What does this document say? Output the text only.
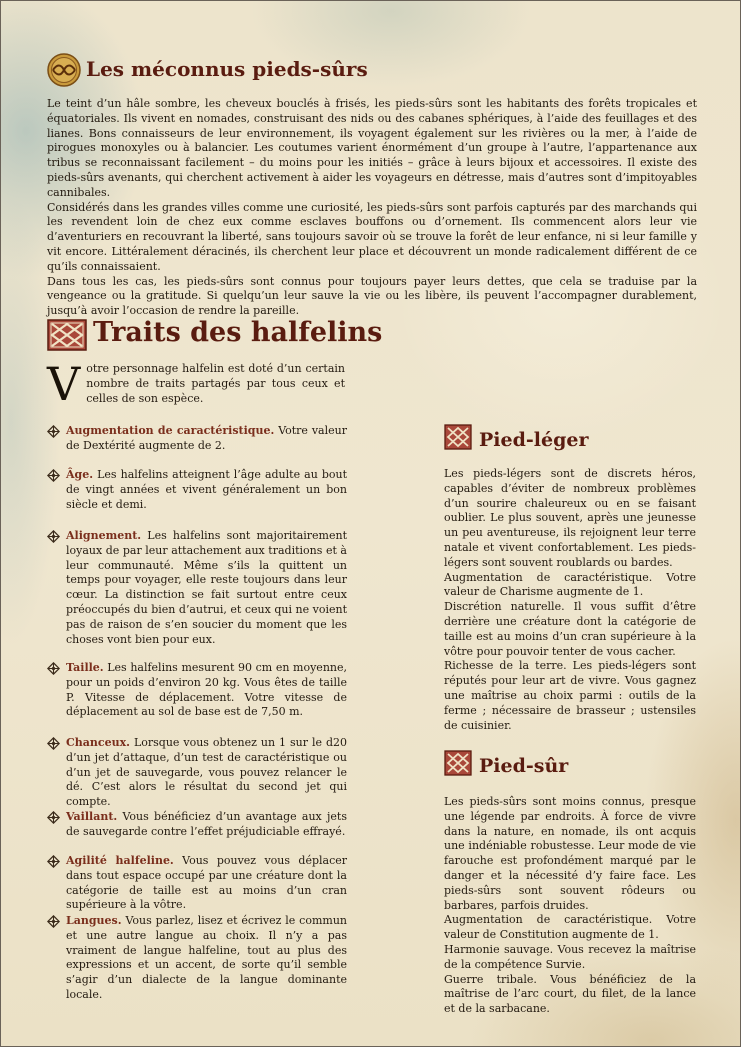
Les méconnus pieds-sûrs

Le teint d’un hâle sombre, les cheveux bouclés à frisés, les pieds-sûrs sont les habitants des forêts tropicales et équatoriales. Ils vivent en nomades, construisant des nids ou des cabanes sphériques, à l’aide des feuillages et des lianes. Bons connaisseurs de leur environnement, ils voyagent également sur les rivières ou la mer, à l’aide de pirogues monoxyles ou à balancier. Les coutumes varient énormément d’un groupe à l’autre, l’appartenance aux tribus se reconnaissant facilement – du moins pour les initiés – grâce à leurs bijoux et accessoires. Il existe des pieds-sûrs avenants, qui cherchent activement à aider les voyageurs en détresse, mais d’autres sont d’impitoyables cannibales.

Considérés dans les grandes villes comme une curiosité, les pieds-sûrs sont parfois capturés par des marchands qui les revendent loin de chez eux comme esclaves bouffons ou d’ornement. Ils commencent alors leur vie d’aventuriers en recouvrant la liberté, sans toujours savoir où se trouve la forêt de leur enfance, ni si leur famille y vit encore. Littéralement déracinés, ils cherchent leur place et découvrent un monde radicalement différent de ce qu’ils connaissaient.

Dans tous les cas, les pieds-sûrs sont connus pour toujours payer leurs dettes, que cela se traduise par la vengeance ou la gratitude. Si quelqu’un leur sauve la vie ou les libère, ils peuvent l’accompagner durablement, jusqu’à avoir l’occasion de rendre la pareille.

Traits des halfelins
V otre personnage halfelin est doté d’un certain nombre de traits partagés par tous ceux et celles de son espèce.
Augmentation de caractéristique. Votre valeur de Dextérité augmente de 2.
Âge. Les halfelins atteignent l’âge adulte au bout de vingt années et vivent généralement un bon siècle et demi.
Alignement. Les halfelins sont majoritairement loyaux de par leur attachement aux traditions et à leur communauté. Même s’ils la quittent un temps pour voyager, elle reste toujours dans leur cœur. La distinction se fait surtout entre ceux préoccupés du bien d’autrui, et ceux qui ne voient pas de raison de s’en soucier du moment que les choses vont bien pour eux.
Taille. Les halfelins mesurent 90 cm en moyenne, pour un poids d’environ 20 kg. Vous êtes de taille P. Vitesse de déplacement. Votre vitesse de déplacement au sol de base est de 7,50 m.
Chanceux. Lorsque vous obtenez un 1 sur le d20 d’un jet d’attaque, d’un test de caractéristique ou d’un jet de sauvegarde, vous pouvez relancer le dé. C’est alors le résultat du second jet qui compte.
Vaillant. Vous bénéficiez d’un avantage aux jets de sauvegarde contre l’effet préjudiciable effrayé.
Agilité halfeline. Vous pouvez vous déplacer dans tout espace occupé par une créature dont la catégorie de taille est au moins d’un cran supérieure à la vôtre.
Langues. Vous parlez, lisez et écrivez le commun et une autre langue au choix. Il n’y a pas vraiment de langue halfeline, tout au plus des expressions et un accent, de sorte qu’il semble s’agir d’un dialecte de la langue dominante locale.
Pied-léger

Les pieds-légers sont de discrets héros, capables d’éviter de nombreux problèmes d’un sourire chaleureux ou en se faisant oublier. Le plus souvent, après une jeunesse un peu aventureuse, ils rejoignent leur terre natale et vivent confortablement. Les pieds-légers sont souvent roublards ou bardes.

Augmentation de caractéristique. Votre valeur de Charisme augmente de 1.

Discrétion naturelle. Il vous suffit d’être derrière une créature dont la catégorie de taille est au moins d’un cran supérieure à la vôtre pour pouvoir tenter de vous cacher.

Richesse de la terre. Les pieds-légers sont réputés pour leur art de vivre. Vous gagnez une maîtrise au choix parmi : outils de la ferme ; nécessaire de brasseur ; ustensiles de cuisinier.

Pied-sûr

Les pieds-sûrs sont moins connus, presque une légende par endroits. À force de vivre dans la nature, en nomade, ils ont acquis une indéniable robustesse. Leur mode de vie farouche est profondément marqué par le danger et la nécessité d’y faire face. Les pieds-sûrs sont souvent rôdeurs ou barbares, parfois druides.

Augmentation de caractéristique. Votre valeur de Constitution augmente de 1.

Harmonie sauvage. Vous recevez la maîtrise de la compétence Survie.

Guerre tribale. Vous bénéficiez de la maîtrise de l’arc court, du filet, de la lance et de la sarbacane.
